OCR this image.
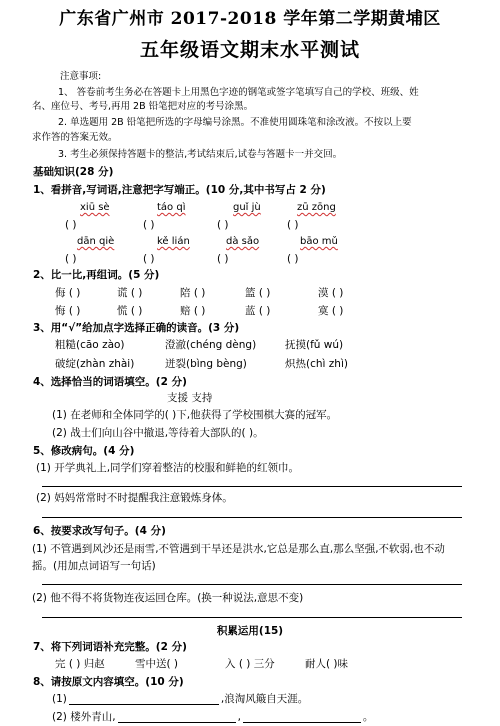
广东省广州市 2017-2018 学年第二学期黄埔区
五年级语文期末水平测试
注意事项:
1、 答卷前考生务必在答题卡上用黑色字迹的钢笔或签字笔填写自己的学校、班级、姓
名、座位号、考号,再用 2B 铅笔把对应的考号涂黑。
2. 单选题用 2B 铅笔把所选的字母编号涂黑。不准使用圆珠笔和涂改液。不按以上要
求作答的答案无效。
3. 考生必须保持答题卡的整洁,考试结束后,试卷与答题卡一并交回。
基础知识(28 分)
1、看拼音,写词语,注意把字写端正。(10 分,其中书写占 2 分)
xiū sè	táo qì	guǐ jù	zū zōng
( )	( )	( )	( )
dān qiè	kě lián	dà sǎo	bāo mǔ
( )	( )	( )	( )
2、比一比,再组词。(5 分)
侮 ( )	谎 ( )	陪 ( )	篮 ( )	漠 ( )
悔 ( )	慌 ( )	赔 ( )	蓝 ( )	寞 ( )
3、用“√”给加点字选择正确的读音。(3 分)
粗糙(cāo zào)	澄澈(chéng dèng)	抚摸(fǔ wú)
破绽(zhàn zhài)	迸裂(bìng bèng)	炽热(chì zhì)
4、选择恰当的词语填空。(2 分)
支援 支持
(1) 在老师和全体同学的( )下,他获得了学校围棋大赛的冠军。
(2) 战士们向山谷中撤退,等待着大部队的( )。
5、修改病句。(4 分)
(1) 开学典礼上,同学们穿着整洁的校服和鲜艳的红领巾。
(2) 妈妈常常时不时提醒我注意锻炼身体。
6、按要求改写句子。(4 分)
(1) 不管遇到风沙还是雨雪,不管遇到干旱还是洪水,它总是那么直,那么坚强,不软弱,也不动
摇。(用加点词语写一句话)
(2) 他不得不将货物连夜运回仓库。(换一种说法,意思不变)
积累运用(15)
7、将下列词语补充完整。(2 分)
完 ( ) 归赵	雪中送( )	入 ( ) 三分	耐人( )味
8、请按原文内容填空。(10 分)
(1)	,浪淘风簸自天涯。
(2) 楼外青山,	,	。
